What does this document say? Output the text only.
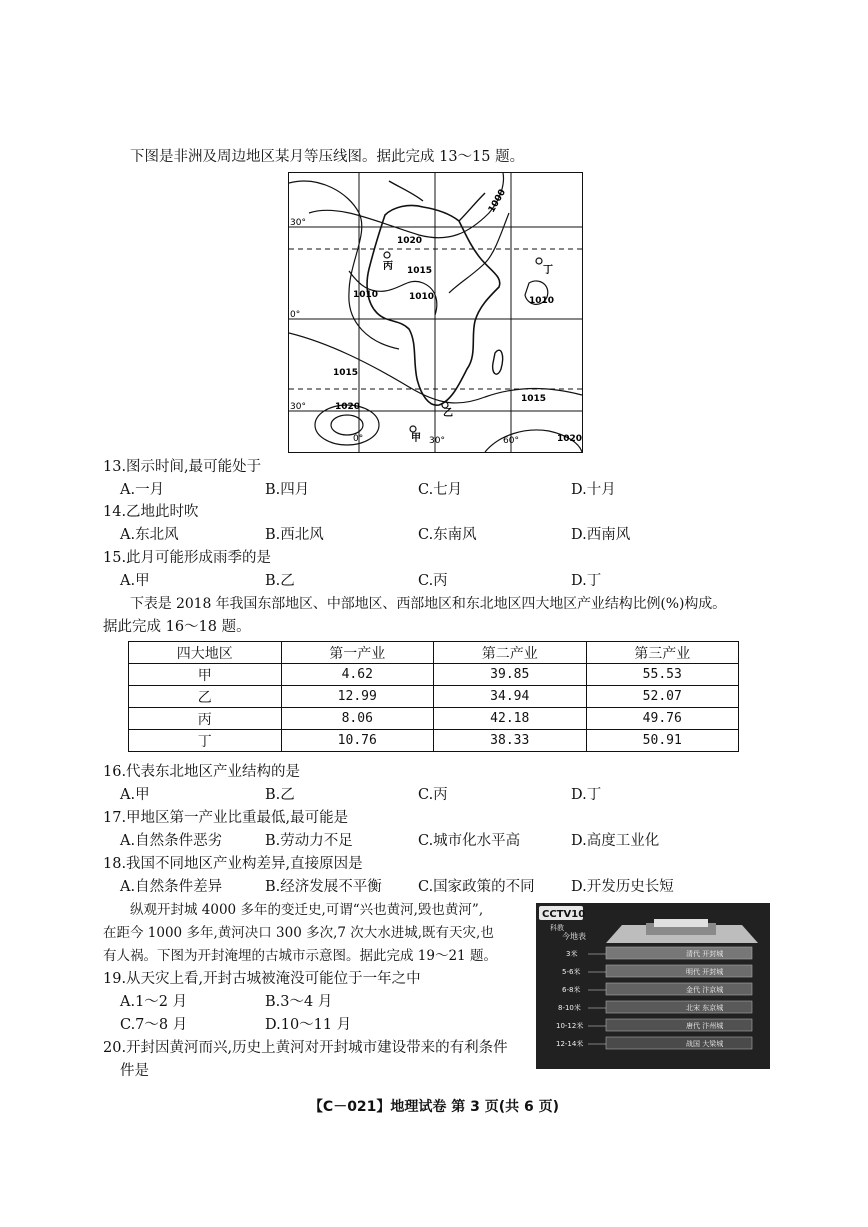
下图是非洲及周边地区某月等压线图。据此完成 13～15 题。
1020
1015
1010	1010	1010
1015
1020
1015
1020
1000
30°
0°
30°
0°	30°	60°
丙	丁
乙
甲
13.图示时间,最可能处于
A.一月	B.四月	C.七月	D.十月
14.乙地此时吹
A.东北风	B.西北风	C.东南风	D.西南风
15.此月可能形成雨季的是
A.甲	B.乙	C.丙	D.丁
下表是 2018 年我国东部地区、中部地区、西部地区和东北地区四大地区产业结构比例(%)构成。
据此完成 16～18 题。
四大地区	第一产业	第二产业	第三产业
甲	4.62	39.85	55.53
乙	12.99	34.94	52.07
丙	8.06	42.18	49.76
丁	10.76	38.33	50.91
16.代表东北地区产业结构的是
A.甲	B.乙	C.丙	D.丁
17.甲地区第一产业比重最低,最可能是
A.自然条件恶劣	B.劳动力不足	C.城市化水平高	D.高度工业化
18.我国不同地区产业构差异,直接原因是
A.自然条件差异	B.经济发展不平衡 C.国家政策的不同	D.开发历史长短
纵观开封城 4000 多年的变迁史,可谓“兴也黄河,毁也黄河”,
在距今 1000 多年,黄河决口 300 多次,7 次大水进城,既有天灾,也
有人祸。下图为开封淹埋的古城市示意图。据此完成 19～21 题。
19.从天灾上看,开封古城被淹没可能位于一年之中
A.1～2 月	B.3～4 月
C.7～8 月	D.10～11 月
20.开封因黄河而兴,历史上黄河对开封城市建设带来的有利条件
件是
CCTV10
科教
今地表
3米
5-6米
6-8米
8-10米
10-12米
12-14米
清代 开封城
明代 开封城
金代 汴京城
北宋 东京城
唐代 汴州城
战国 大梁城
【C－021】地理试卷 第 3 页(共 6 页)
